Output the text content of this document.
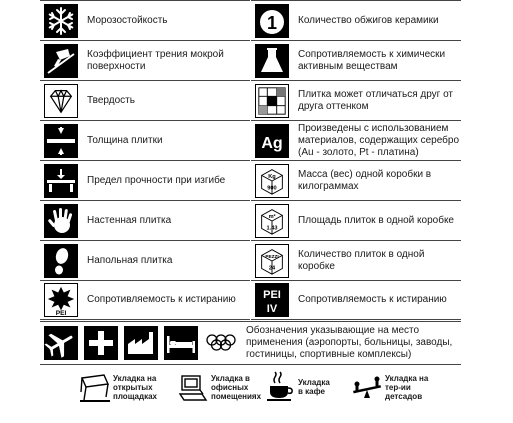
Морозостойкость
Коэффициент трения мокрой поверхности
Твердость
Толщина плитки
Предел прочности при изгибе
Настенная плитка
Напольная плитка
PEI
Сопротивляемость к истиранию
1 Количество обжигов керамики
Сопротивляемость к химически активным веществам
Плитка может отличаться друг от друга оттенком
Ag
Произведены с использованием материалов, содержащих серебро (Au - золото, Pt - платина)
Kg
900
Масса (вес) одной коробки в килограммах
m²
1.43
Площадь плиток в одной коробке
PEZZI
24
Количество плиток в одной коробке
PEI
IV
Сопротивляемость к истиранию
Обозначения указывающие на место применения (аэропорты, больницы, заводы, гостиницы, спортивные комплексы)
Укладка на открытых площадках
Укладка в офисных помещениях
Укладка в кафе
Укладка на тер-ии детсадов
